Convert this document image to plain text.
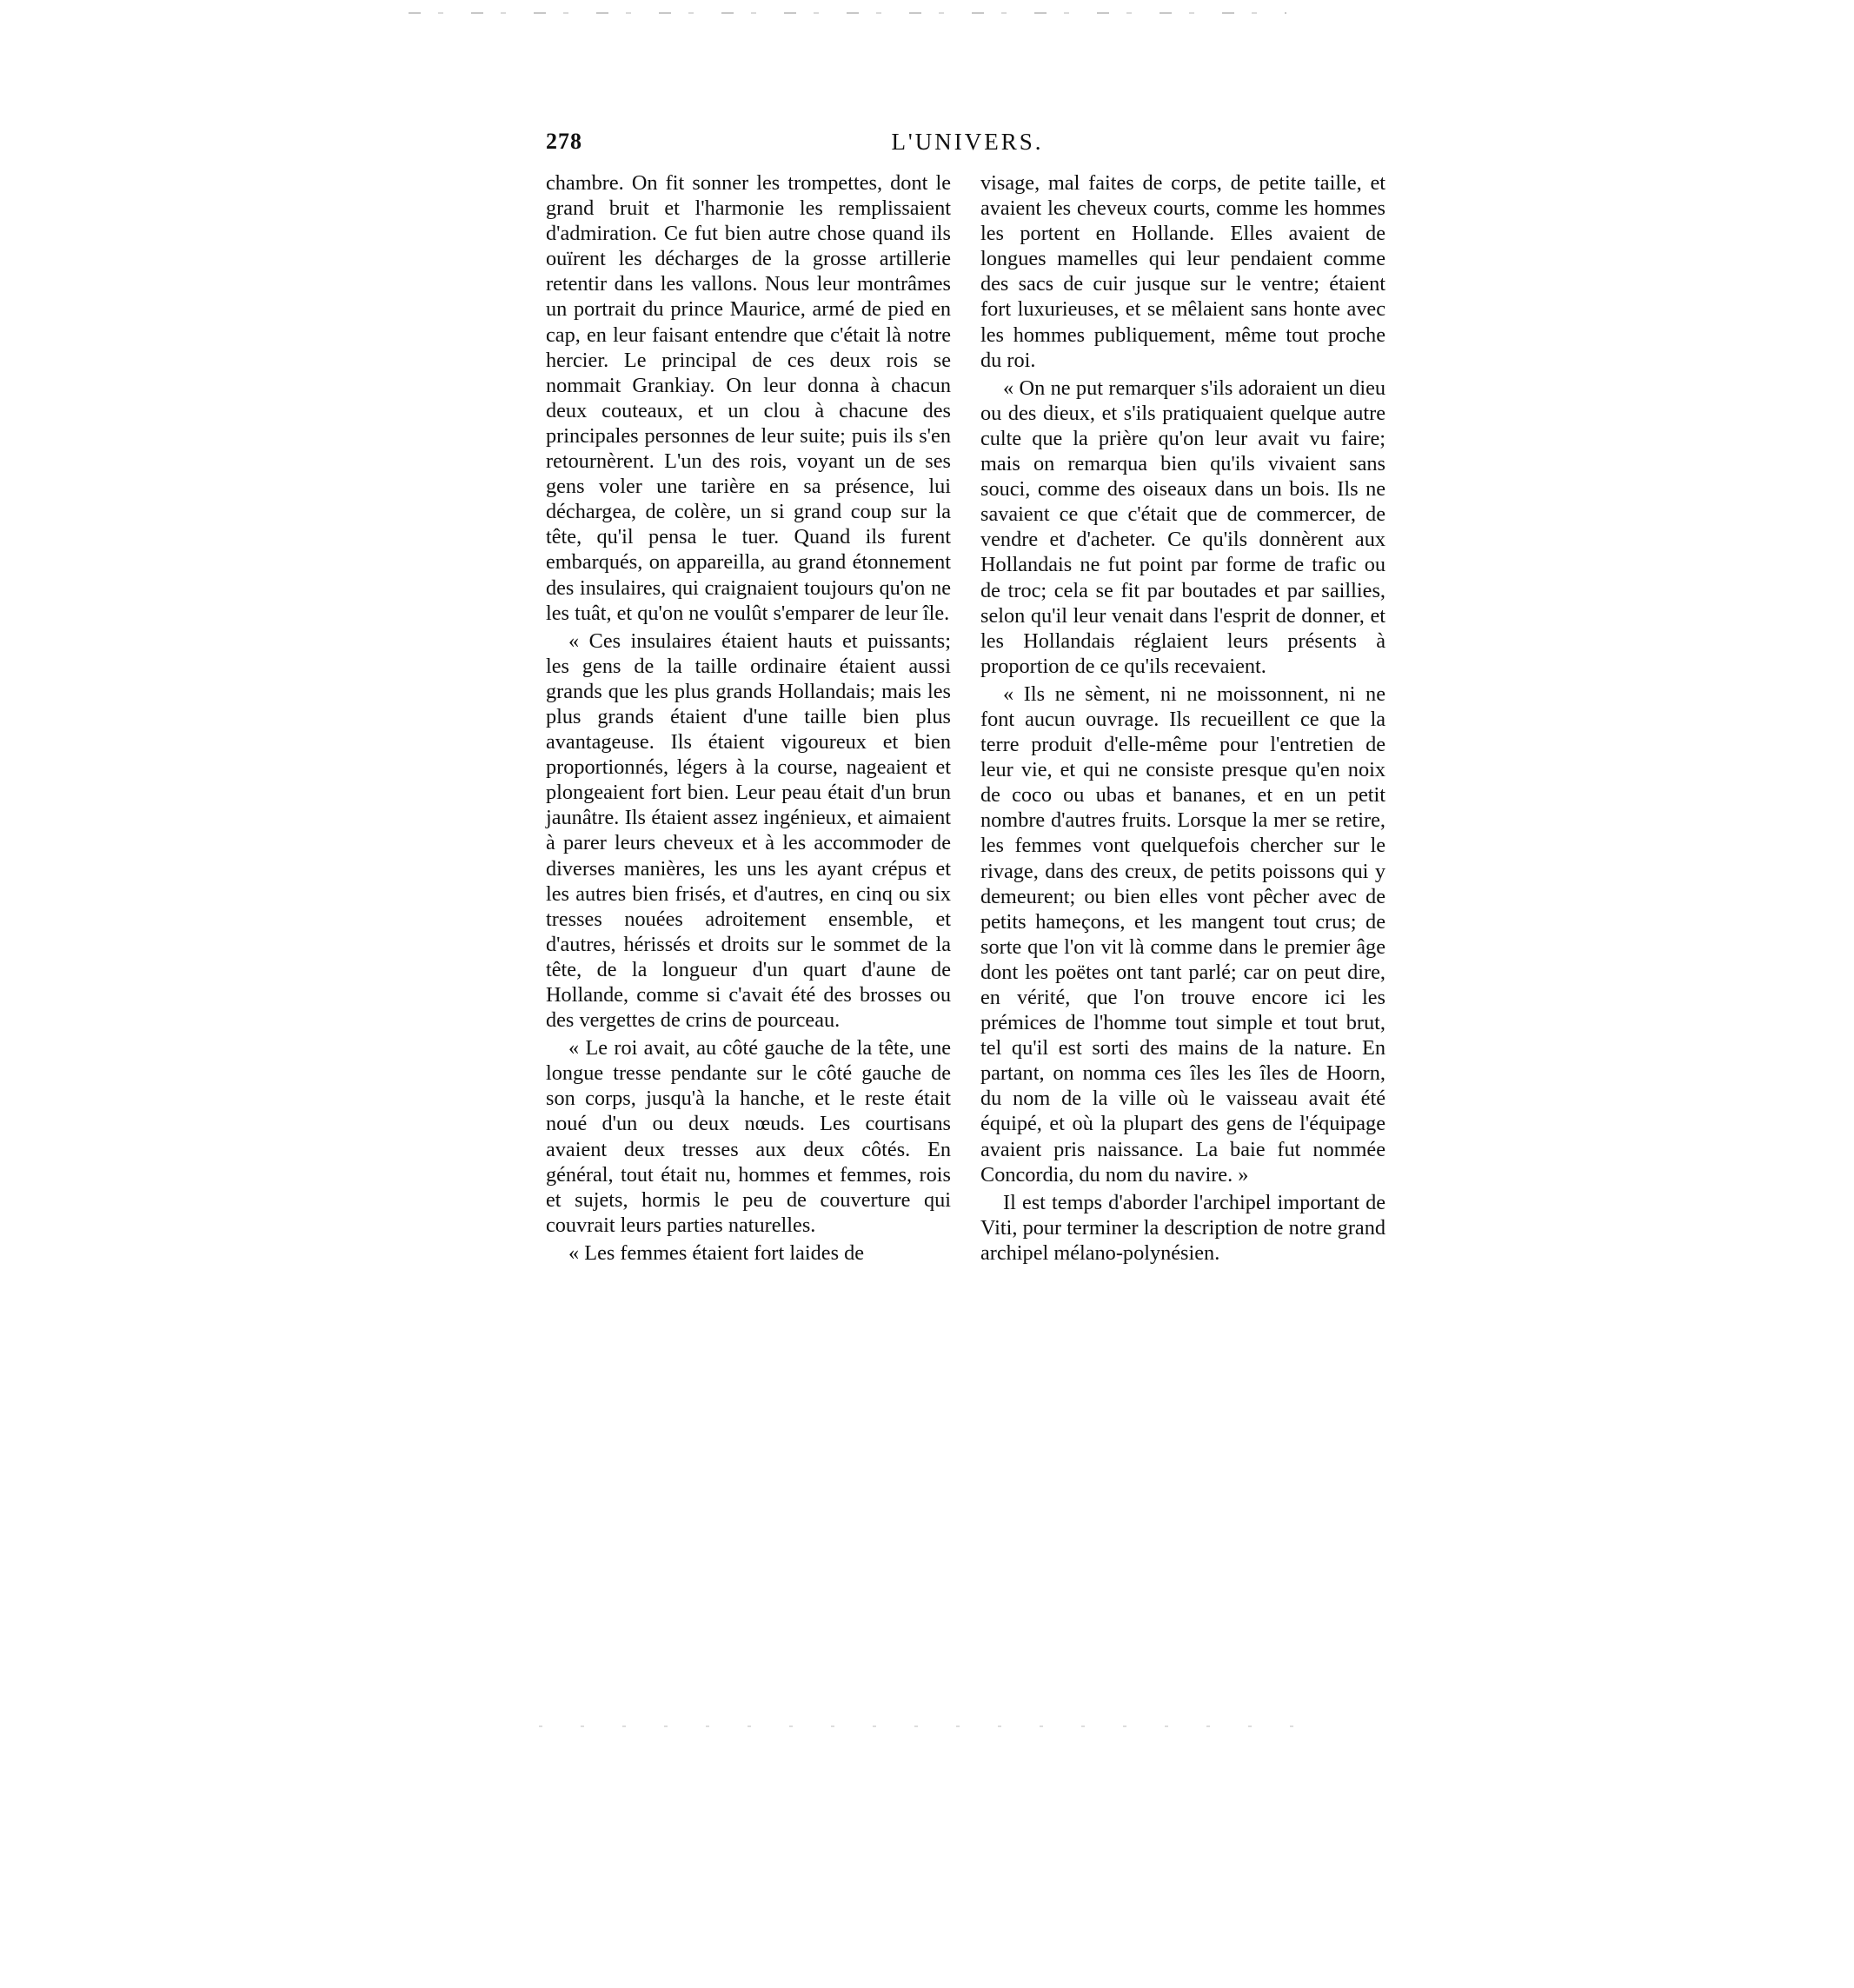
278	L'UNIVERS.

chambre. On fit sonner les trompettes, dont le grand bruit et l'harmonie les remplissaient d'admiration. Ce fut bien autre chose quand ils ouïrent les décharges de la grosse artillerie retentir dans les vallons. Nous leur montrâmes un portrait du prince Maurice, armé de pied en cap, en leur faisant entendre que c'était là notre hercier. Le principal de ces deux rois se nommait Grankiay. On leur donna à chacun deux couteaux, et un clou à chacune des principales personnes de leur suite; puis ils s'en retournèrent. L'un des rois, voyant un de ses gens voler une tarière en sa présence, lui déchargea, de colère, un si grand coup sur la tête, qu'il pensa le tuer. Quand ils furent embarqués, on appareilla, au grand étonnement des insulaires, qui craignaient toujours qu'on ne les tuât, et qu'on ne voulût s'emparer de leur île.

« Ces insulaires étaient hauts et puissants; les gens de la taille ordinaire étaient aussi grands que les plus grands Hollandais; mais les plus grands étaient d'une taille bien plus avantageuse. Ils étaient vigoureux et bien proportionnés, légers à la course, nageaient et plongeaient fort bien. Leur peau était d'un brun jaunâtre. Ils étaient assez ingénieux, et aimaient à parer leurs cheveux et à les accommoder de diverses manières, les uns les ayant crépus et les autres bien frisés, et d'autres, en cinq ou six tresses nouées adroitement ensemble, et d'autres, hérissés et droits sur le sommet de la tête, de la longueur d'un quart d'aune de Hollande, comme si c'avait été des brosses ou des vergettes de crins de pourceau.

« Le roi avait, au côté gauche de la tête, une longue tresse pendante sur le côté gauche de son corps, jusqu'à la hanche, et le reste était noué d'un ou deux nœuds. Les courtisans avaient deux tresses aux deux côtés. En général, tout était nu, hommes et femmes, rois et sujets, hormis le peu de couverture qui couvrait leurs parties naturelles.

« Les femmes étaient fort laides de

visage, mal faites de corps, de petite taille, et avaient les cheveux courts, comme les hommes les portent en Hollande. Elles avaient de longues mamelles qui leur pendaient comme des sacs de cuir jusque sur le ventre; étaient fort luxurieuses, et se mêlaient sans honte avec les hommes publiquement, même tout proche du roi.

« On ne put remarquer s'ils adoraient un dieu ou des dieux, et s'ils pratiquaient quelque autre culte que la prière qu'on leur avait vu faire; mais on remarqua bien qu'ils vivaient sans souci, comme des oiseaux dans un bois. Ils ne savaient ce que c'était que de commercer, de vendre et d'acheter. Ce qu'ils donnèrent aux Hollandais ne fut point par forme de trafic ou de troc; cela se fit par boutades et par saillies, selon qu'il leur venait dans l'esprit de donner, et les Hollandais réglaient leurs présents à proportion de ce qu'ils recevaient.

« Ils ne sèment, ni ne moissonnent, ni ne font aucun ouvrage. Ils recueillent ce que la terre produit d'elle-même pour l'entretien de leur vie, et qui ne consiste presque qu'en noix de coco ou ubas et bananes, et en un petit nombre d'autres fruits. Lorsque la mer se retire, les femmes vont quelquefois chercher sur le rivage, dans des creux, de petits poissons qui y demeurent; ou bien elles vont pêcher avec de petits hameçons, et les mangent tout crus; de sorte que l'on vit là comme dans le premier âge dont les poëtes ont tant parlé; car on peut dire, en vérité, que l'on trouve encore ici les prémices de l'homme tout simple et tout brut, tel qu'il est sorti des mains de la nature. En partant, on nomma ces îles les îles de Hoorn, du nom de la ville où le vaisseau avait été équipé, et où la plupart des gens de l'équipage avaient pris naissance. La baie fut nommée Concordia, du nom du navire. »

Il est temps d'aborder l'archipel important de Viti, pour terminer la description de notre grand archipel mélano-polynésien.
